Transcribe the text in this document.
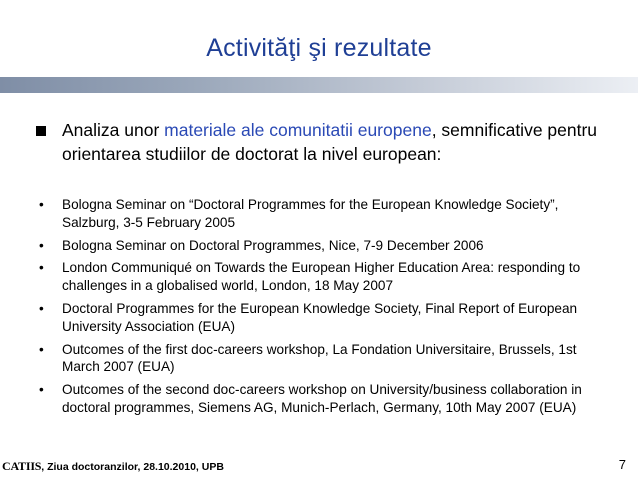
Activităţi şi rezultate
Analiza unor materiale ale comunitatii europene, semnificative pentru orientarea studiilor de doctorat la nivel european:
• Bologna Seminar on “Doctoral Programmes for the European Knowledge Society”, Salzburg, 3-5 February 2005
• Bologna Seminar on Doctoral Programmes, Nice, 7-9 December 2006
• London Communiqué on Towards the European Higher Education Area: responding to challenges in a globalised world, London, 18 May 2007
• Doctoral Programmes for the European Knowledge Society, Final Report of European University Association (EUA)
• Outcomes of the first doc-careers workshop, La Fondation Universitaire, Brussels, 1st March 2007 (EUA)
• Outcomes of the second doc-careers workshop on University/business collaboration in doctoral programmes, Siemens AG, Munich-Perlach, Germany, 10th May 2007 (EUA)
CATIIS, Ziua doctoranzilor, 28.10.2010, UPB	7
